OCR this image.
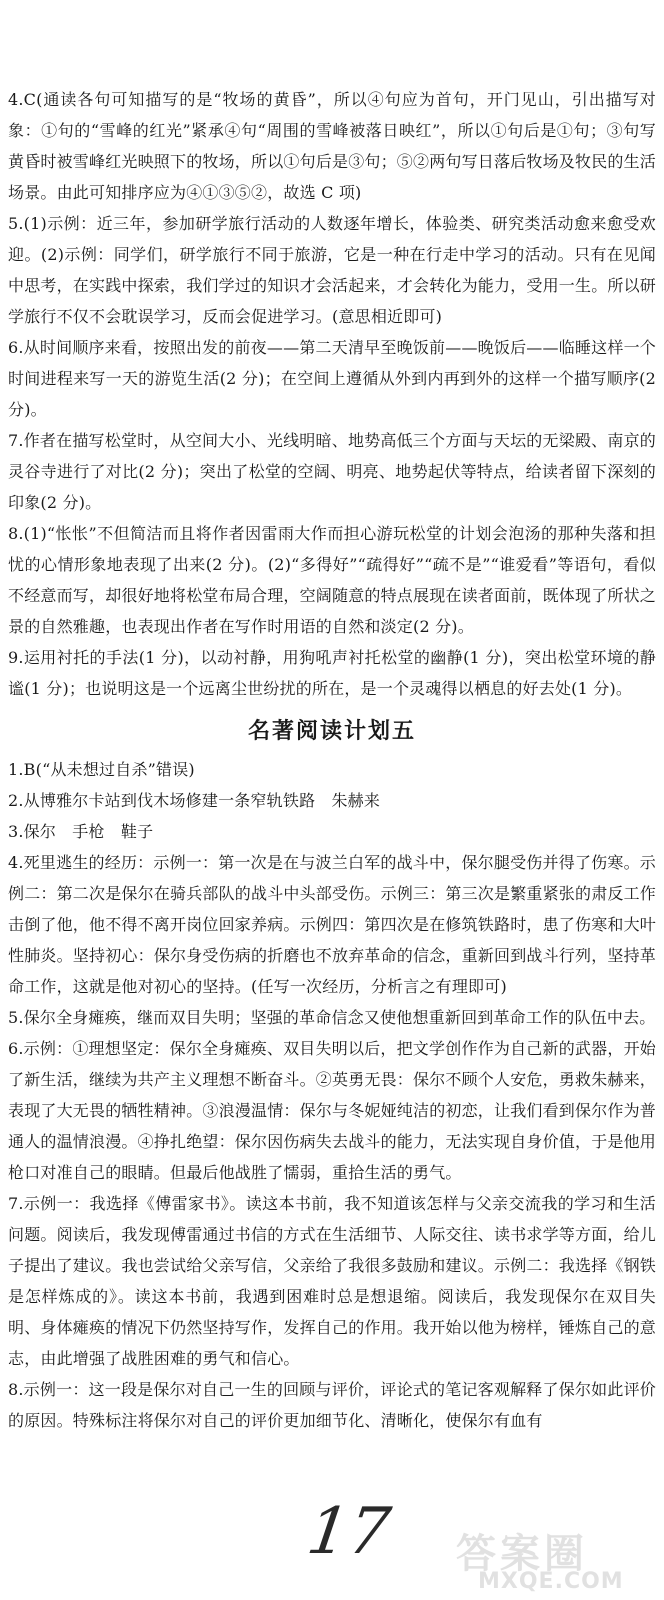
4.C(通读各句可知描写的是“牧场的黄昏”，所以④句应为首句，开门见山，引出描写对象：①句的“雪峰的红光”紧承④句“周围的雪峰被落日映红”，所以①句后是①句；③句写黄昏时被雪峰红光映照下的牧场，所以①句后是③句；⑤②两句写日落后牧场及牧民的生活场景。由此可知排序应为④①③⑤②，故选 C 项)

5.(1)示例：近三年，参加研学旅行活动的人数逐年增长，体验类、研究类活动愈来愈受欢迎。(2)示例：同学们，研学旅行不同于旅游，它是一种在行走中学习的活动。只有在见闻中思考，在实践中探索，我们学过的知识才会活起来，才会转化为能力，受用一生。所以研学旅行不仅不会耽误学习，反而会促进学习。(意思相近即可)

6.从时间顺序来看，按照出发的前夜——第二天清早至晚饭前——晚饭后——临睡这样一个时间进程来写一天的游览生活(2 分)；在空间上遵循从外到内再到外的这样一个描写顺序(2 分)。

7.作者在描写松堂时，从空间大小、光线明暗、地势高低三个方面与天坛的无梁殿、南京的灵谷寺进行了对比(2 分)；突出了松堂的空阔、明亮、地势起伏等特点，给读者留下深刻的印象(2 分)。

8.(1)“怅怅”不但简洁而且将作者因雷雨大作而担心游玩松堂的计划会泡汤的那种失落和担忧的心情形象地表现了出来(2 分)。(2)“多得好”“疏得好”“疏不是”“谁爱看”等语句，看似不经意而写，却很好地将松堂布局合理，空阔随意的特点展现在读者面前，既体现了所状之景的自然雅趣，也表现出作者在写作时用语的自然和淡定(2 分)。

9.运用衬托的手法(1 分)，以动衬静，用狗吼声衬托松堂的幽静(1 分)，突出松堂环境的静谧(1 分)；也说明这是一个远离尘世纷扰的所在，是一个灵魂得以栖息的好去处(1 分)。

名著阅读计划五

1.B(“从未想过自杀”错误)

2.从博雅尔卡站到伐木场修建一条窄轨铁路　朱赫来

3.保尔　手枪　鞋子

4.死里逃生的经历：示例一：第一次是在与波兰白军的战斗中，保尔腿受伤并得了伤寒。示例二：第二次是保尔在骑兵部队的战斗中头部受伤。示例三：第三次是繁重紧张的肃反工作击倒了他，他不得不离开岗位回家养病。示例四：第四次是在修筑铁路时，患了伤寒和大叶性肺炎。坚持初心：保尔身受伤病的折磨也不放弃革命的信念，重新回到战斗行列，坚持革命工作，这就是他对初心的坚持。(任写一次经历，分析言之有理即可)

5.保尔全身瘫痪，继而双目失明；坚强的革命信念又使他想重新回到革命工作的队伍中去。

6.示例：①理想坚定：保尔全身瘫痪、双目失明以后，把文学创作作为自己新的武器，开始了新生活，继续为共产主义理想不断奋斗。②英勇无畏：保尔不顾个人安危，勇救朱赫来，表现了大无畏的牺牲精神。③浪漫温情：保尔与冬妮娅纯洁的初恋，让我们看到保尔作为普通人的温情浪漫。④挣扎绝望：保尔因伤病失去战斗的能力，无法实现自身价值，于是他用枪口对准自己的眼睛。但最后他战胜了懦弱，重拾生活的勇气。

7.示例一：我选择《傅雷家书》。读这本书前，我不知道该怎样与父亲交流我的学习和生活问题。阅读后，我发现傅雷通过书信的方式在生活细节、人际交往、读书求学等方面，给儿子提出了建议。我也尝试给父亲写信，父亲给了我很多鼓励和建议。示例二：我选择《钢铁是怎样炼成的》。读这本书前，我遇到困难时总是想退缩。阅读后，我发现保尔在双目失明、身体瘫痪的情况下仍然坚持写作，发挥自己的作用。我开始以他为榜样，锤炼自己的意志，由此增强了战胜困难的勇气和信心。

8.示例一：这一段是保尔对自己一生的回顾与评价，评论式的笔记客观解释了保尔如此评价的原因。特殊标注将保尔对自己的评价更加细节化、清晰化，使保尔有血有

17 答案圈
MXQE.COM
